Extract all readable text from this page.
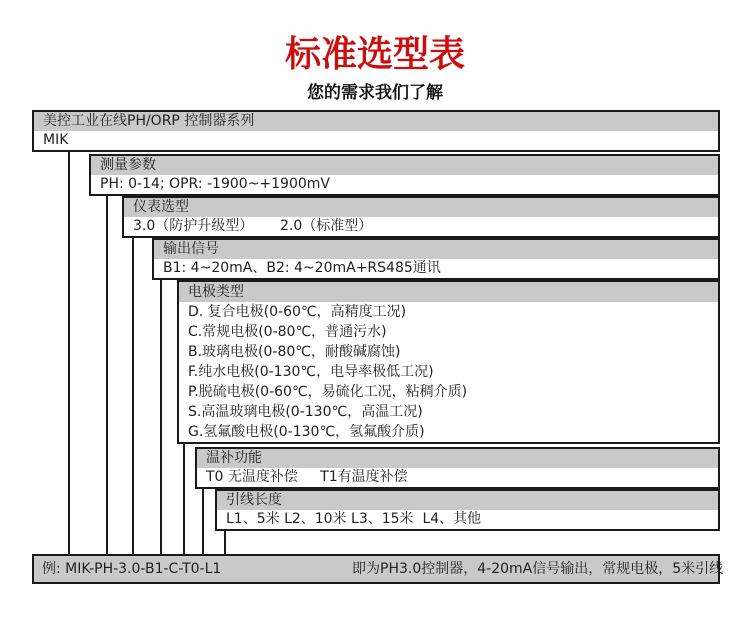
标准选型表
您的需求我们了解
美控工业在线PH/ORP 控制器系列
MIK
测量参数
PH: 0-14; OPR: -1900~+1900mV
仪表选型
3.0（防护升级型）      2.0（标准型）
输出信号
B1: 4~20mA、B2: 4~20mA+RS485通讯
电极类型
D. 复合电极(0-60℃，高精度工况)
C.常规电极(0-80℃，普通污水)
B.玻璃电极(0-80℃，耐酸碱腐蚀)
F.纯水电极(0-130℃，电导率极低工况)
P.脱硫电极(0-60℃，易硫化工况，粘稠介质)
S.高温玻璃电极(0-130℃，高温工况)
G.氢氟酸电极(0-130℃，氢氟酸介质)
温补功能
T0 无温度补偿     T1有温度补偿
引线长度
L1、5米 L2、10米 L3、15米  L4、其他

例: MIK-PH-3.0-B1-C-T0-L1

	即为PH3.0控制器，4-20mA信号输出，常规电极，5米引线
